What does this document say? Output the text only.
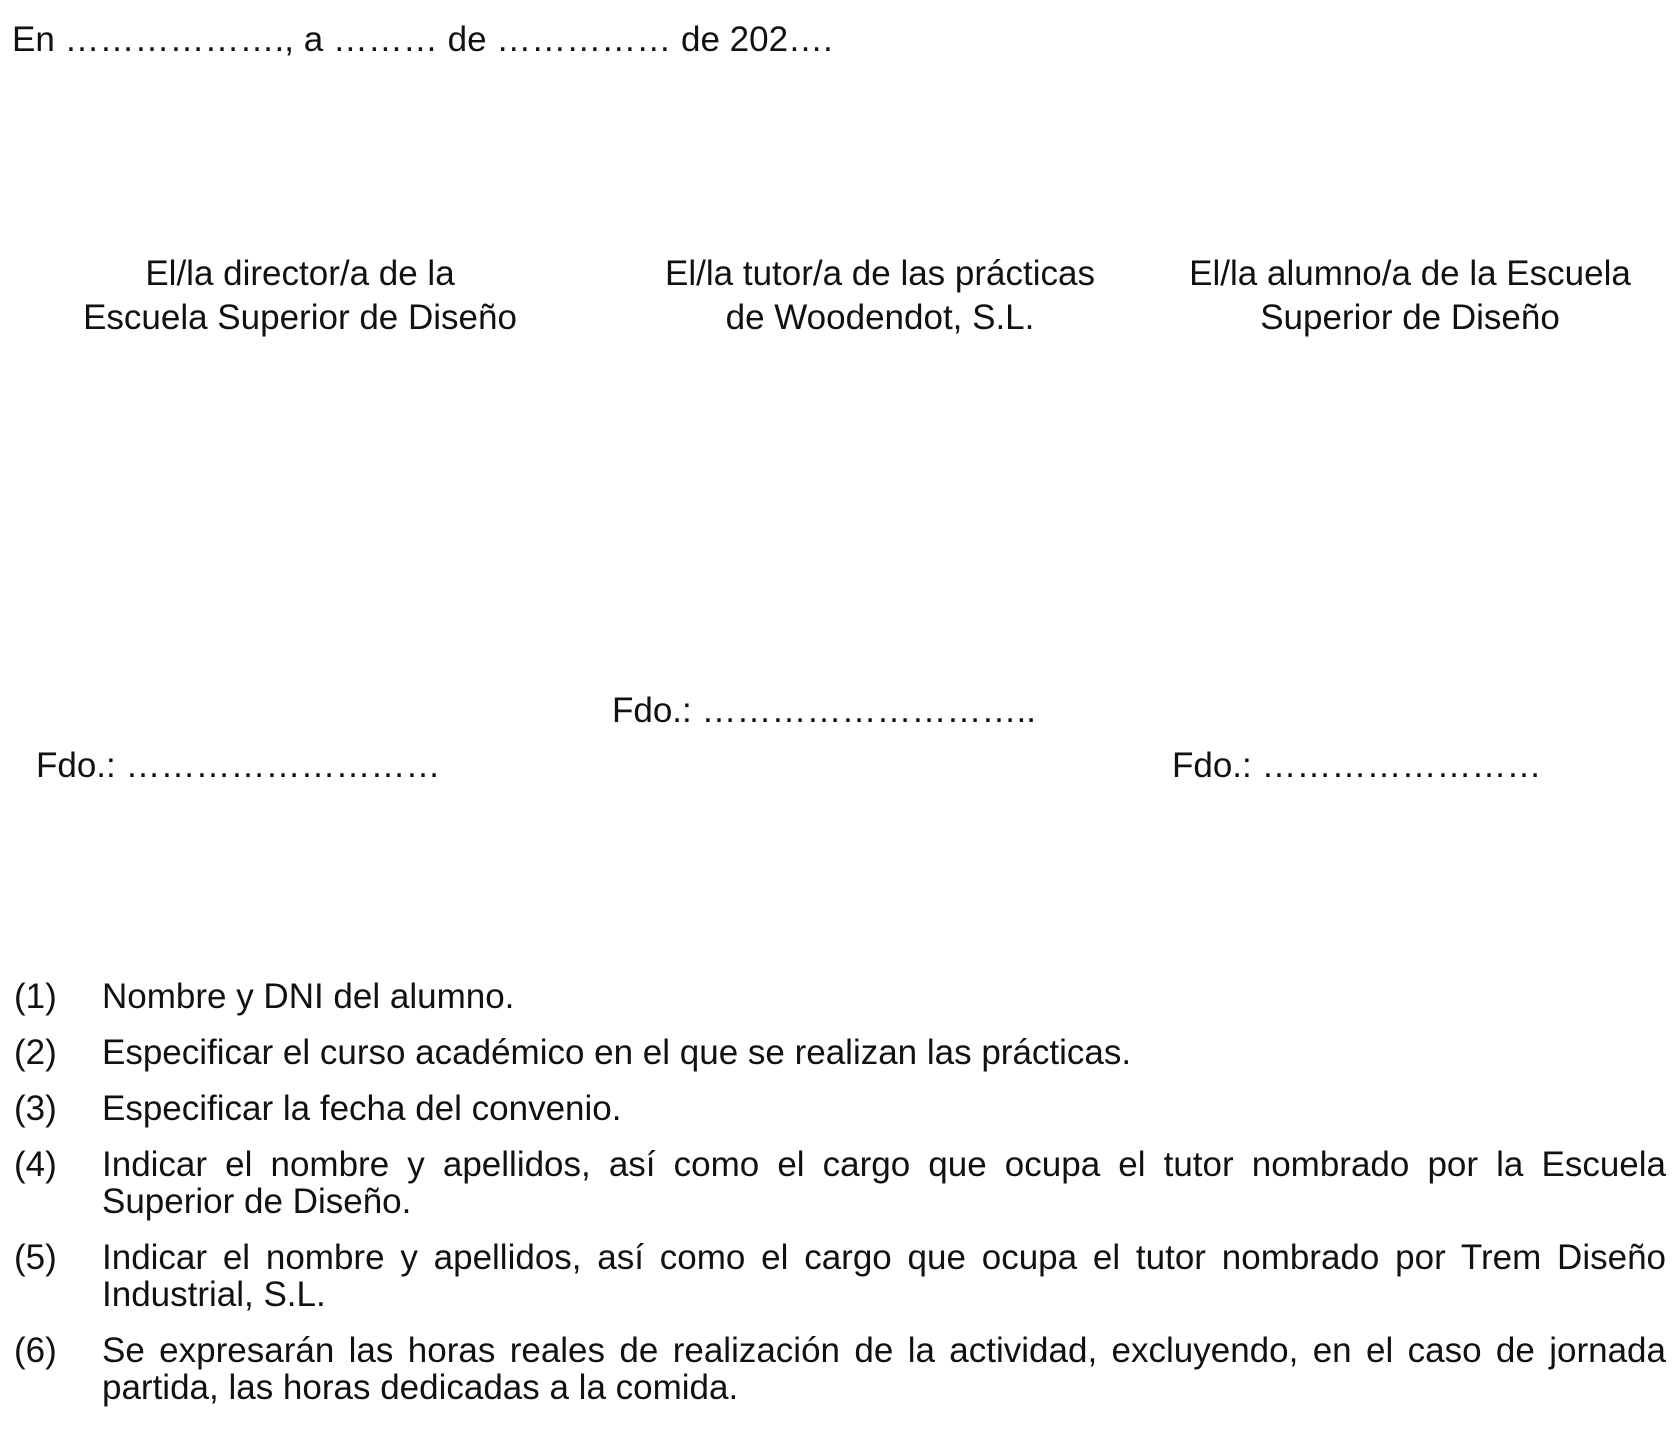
En ………………., a ……… de …………… de 202….
El/la director/a de la
Escuela Superior de Diseño
El/la tutor/a de las prácticas
de Woodendot, S.L.
El/la alumno/a de la Escuela
Superior de Diseño
Fdo.: ………………………..
Fdo.: ………………………	Fdo.: ……………………
(1)	Nombre y DNI del alumno.
(2)	Especificar el curso académico en el que se realizan las prácticas.
(3)	Especificar la fecha del convenio.
(4)	Indicar el nombre y apellidos, así como el cargo que ocupa el tutor nombrado por la Escuela Superior de Diseño.
(5)	Indicar el nombre y apellidos, así como el cargo que ocupa el tutor nombrado por Trem Diseño Industrial, S.L.
(6)	Se expresarán las horas reales de realización de la actividad, excluyendo, en el caso de jornada partida, las horas dedicadas a la comida.
